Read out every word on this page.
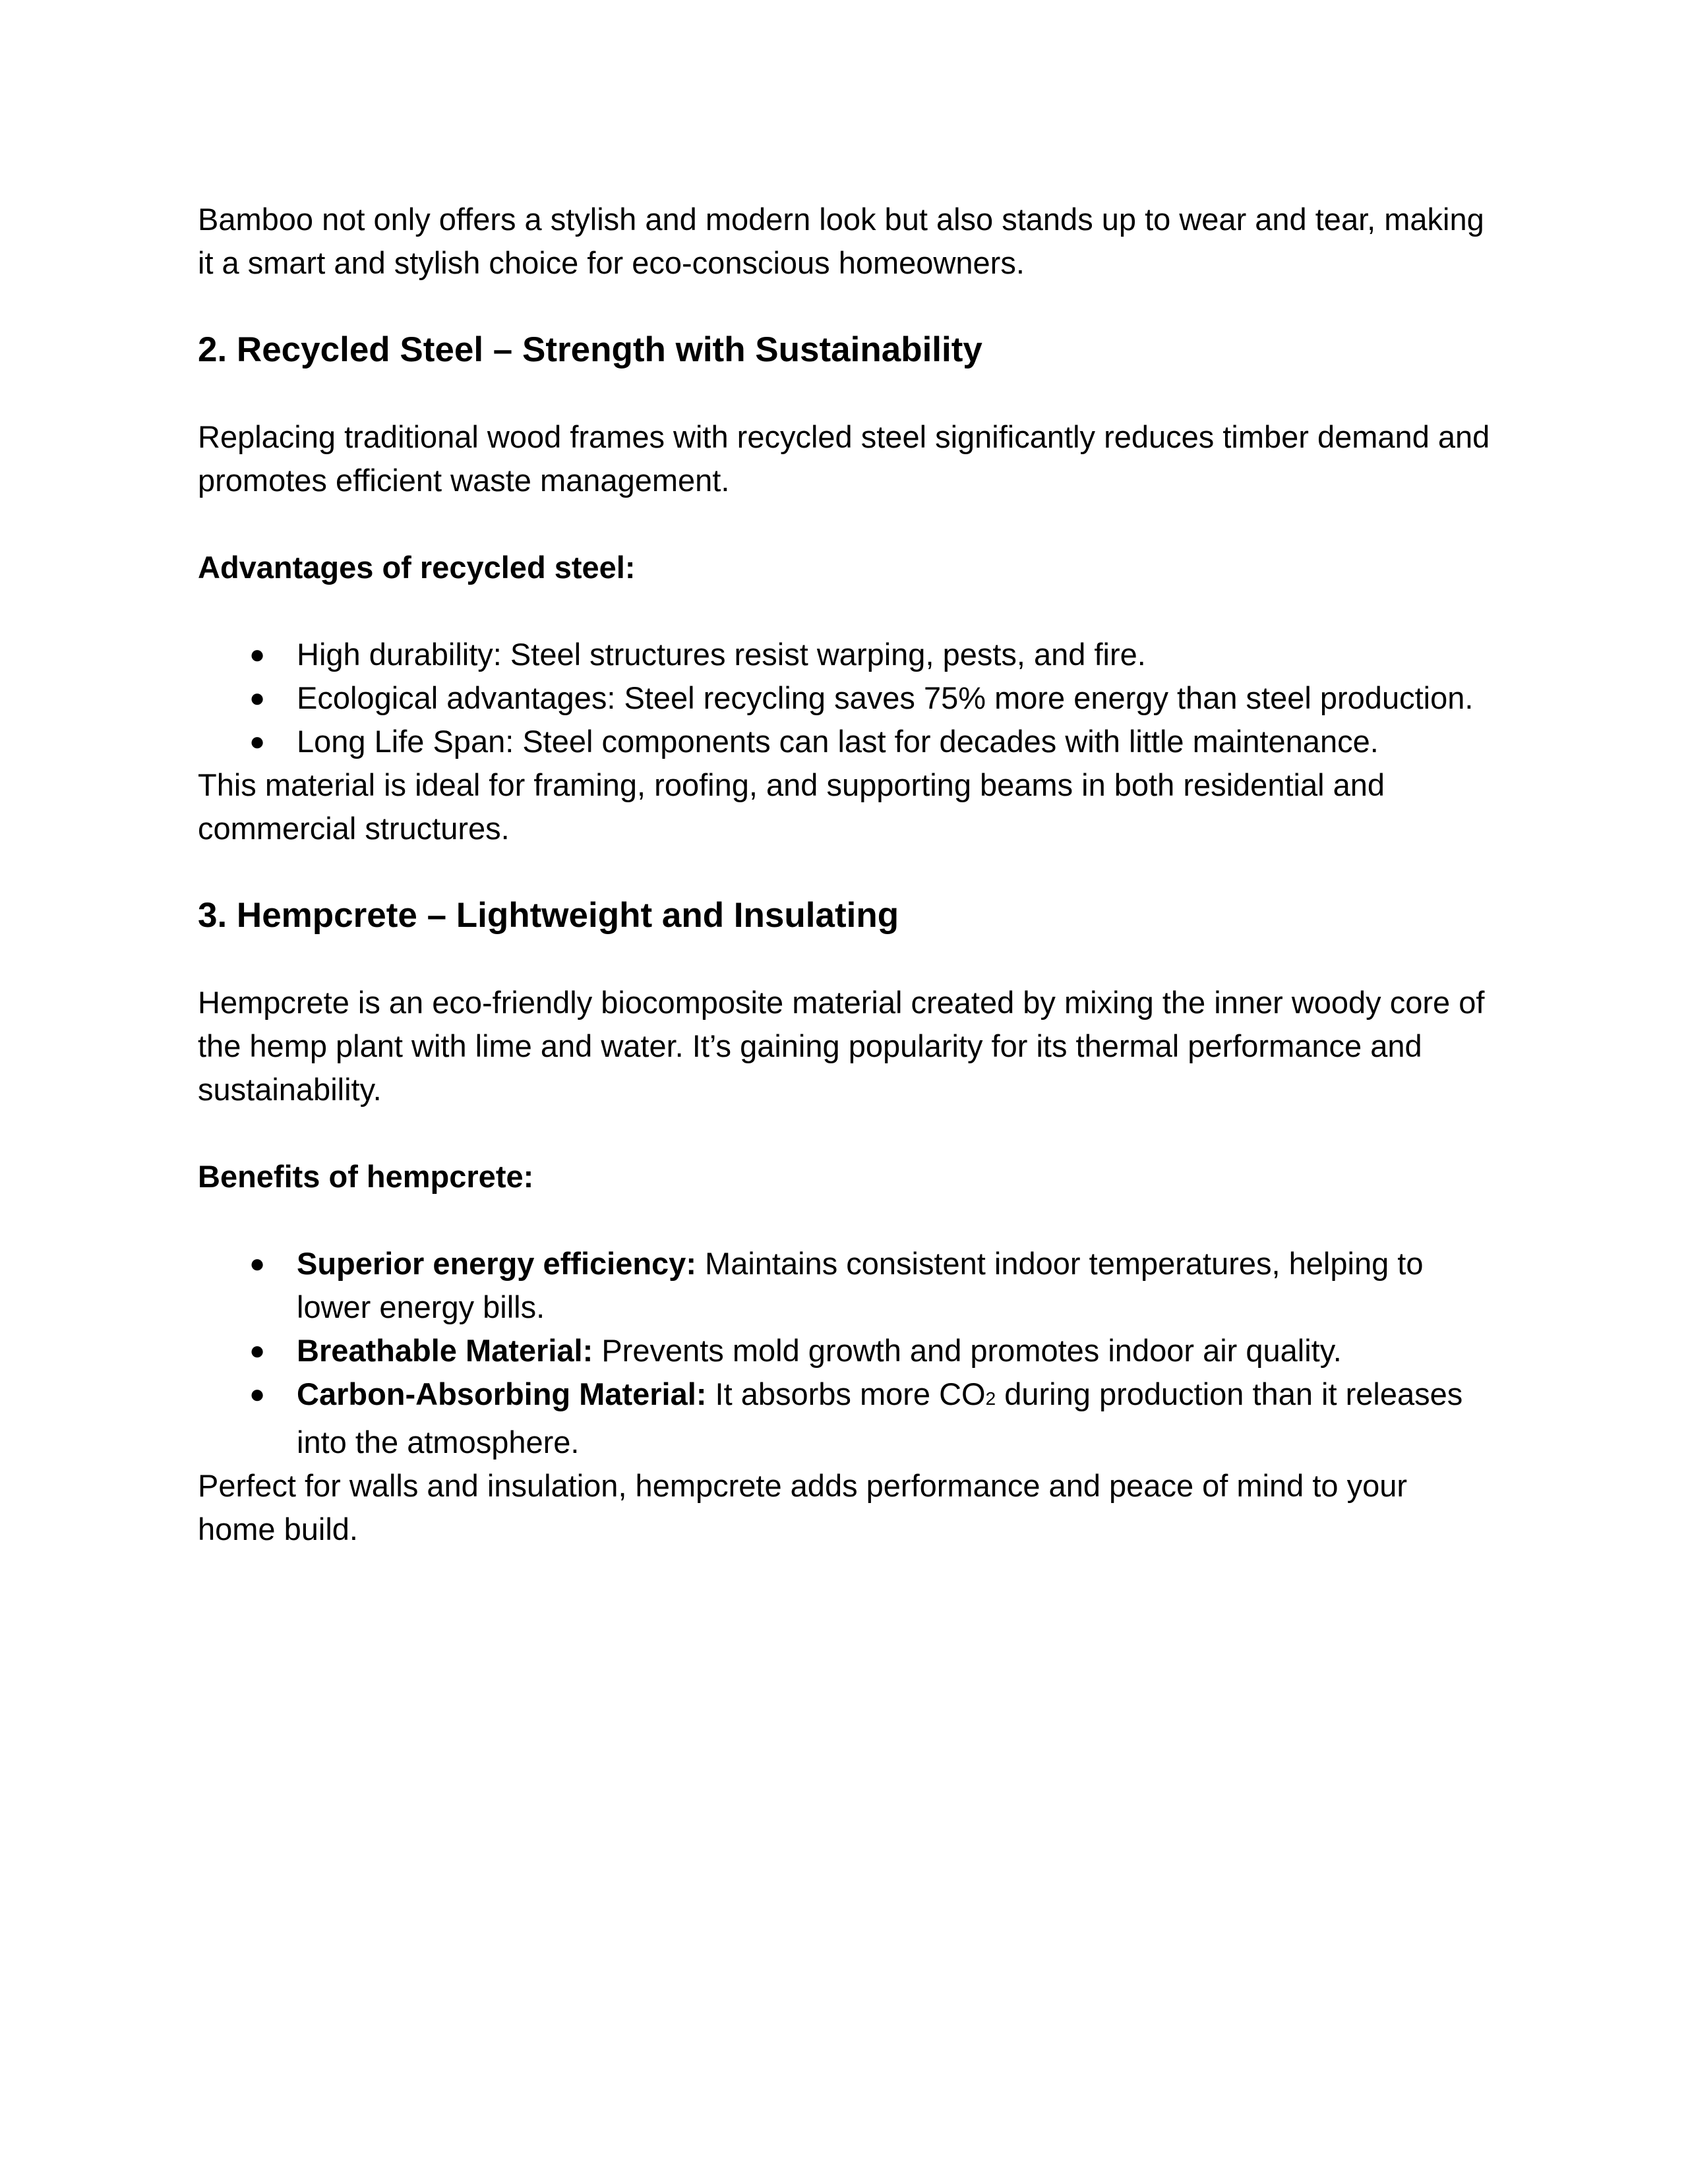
Bamboo not only offers a stylish and modern look but also stands up to wear and tear, making it a smart and stylish choice for eco-conscious homeowners.

2. Recycled Steel – Strength with Sustainability

Replacing traditional wood frames with recycled steel significantly reduces timber demand and promotes efficient waste management.

Advantages of recycled steel:

● High durability: Steel structures resist warping, pests, and fire.
● Ecological advantages: Steel recycling saves 75% more energy than steel production.
● Long Life Span: Steel components can last for decades with little maintenance.

This material is ideal for framing, roofing, and supporting beams in both residential and commercial structures.

3. Hempcrete – Lightweight and Insulating

Hempcrete is an eco-friendly biocomposite material created by mixing the inner woody core of the hemp plant with lime and water. It’s gaining popularity for its thermal performance and sustainability.

Benefits of hempcrete:

● Superior energy efficiency: Maintains consistent indoor temperatures, helping to lower energy bills.
● Breathable Material: Prevents mold growth and promotes indoor air quality.
● Carbon-Absorbing Material: It absorbs more CO2 during production than it releases into the atmosphere.

Perfect for walls and insulation, hempcrete adds performance and peace of mind to your home build.
